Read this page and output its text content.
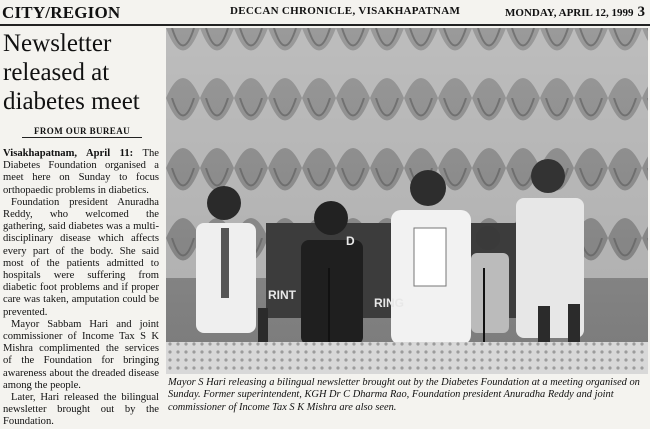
CITY/REGION	DECCAN CHRONICLE, VISAKHAPATNAM	MONDAY, APRIL 12, 1999 3
Newsletter released at diabetes meet
FROM OUR BUREAU

Visakhapatnam, April 11: The Diabetes Foundation organised a meet here on Sunday to focus orthopaedic problems in diabetics.

Foundation president Anuradha Reddy, who welcomed the gathering, said diabetes was a multi-disciplinary disease which affects every part of the body. She said most of the patients admitted to hospitals were suffering from diabetic foot problems and if proper care was taken, amputation could be prevented.

Mayor Sabbam Hari and joint commissioner of Income Tax S K Mishra complimented the services of the Foundation for bringing awareness about the dreaded disease among the people.

Later, Hari released the bilingual newsletter brought out by the Foundation.

RINT
D
RING
Mayor S Hari releasing a bilingual newsletter brought out by the Diabetes Foundation at a meeting organised on Sunday. Former superintendent, KGH Dr C Dharma Rao, Foundation president Anuradha Reddy and joint commissioner of Income Tax S K Mishra are also seen.
